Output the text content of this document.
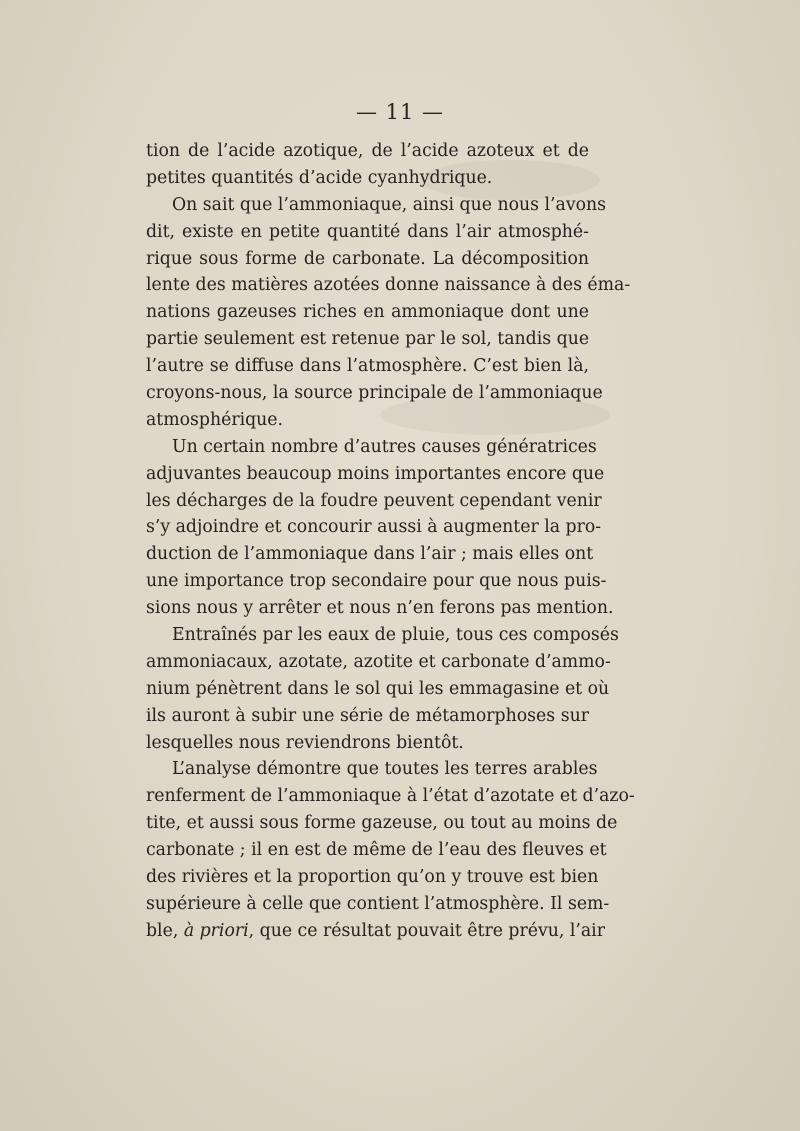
— 11 —
tion de l’acide azotique, de l’acide azoteux et de
petites quantités d’acide cyanhydrique.
On sait que l’ammoniaque, ainsi que nous l’avons
dit, existe en petite quantité dans l’air atmosphé-
rique sous forme de carbonate. La décomposition
lente des matières azotées donne naissance à des éma-
nations gazeuses riches en ammoniaque dont une
partie seulement est retenue par le sol, tandis que
l’autre se diffuse dans l’atmosphère. C’est bien là,
croyons-nous, la source principale de l’ammoniaque
atmosphérique.
Un certain nombre d’autres causes génératrices
adjuvantes beaucoup moins importantes encore que
les décharges de la foudre peuvent cependant venir
s’y adjoindre et concourir aussi à augmenter la pro-
duction de l’ammoniaque dans l’air ; mais elles ont
une importance trop secondaire pour que nous puis-
sions nous y arrêter et nous n’en ferons pas mention.
Entraînés par les eaux de pluie, tous ces composés
ammoniacaux, azotate, azotite et carbonate d’ammo-
nium pénètrent dans le sol qui les emmagasine et où
ils auront à subir une série de métamorphoses sur
lesquelles nous reviendrons bientôt.
L’analyse démontre que toutes les terres arables
renferment de l’ammoniaque à l’état d’azotate et d’azo-
tite, et aussi sous forme gazeuse, ou tout au moins de
carbonate ; il en est de même de l’eau des fleuves et
des rivières et la proportion qu’on y trouve est bien
supérieure à celle que contient l’atmosphère. Il sem-
ble, à priori, que ce résultat pouvait être prévu, l’air
